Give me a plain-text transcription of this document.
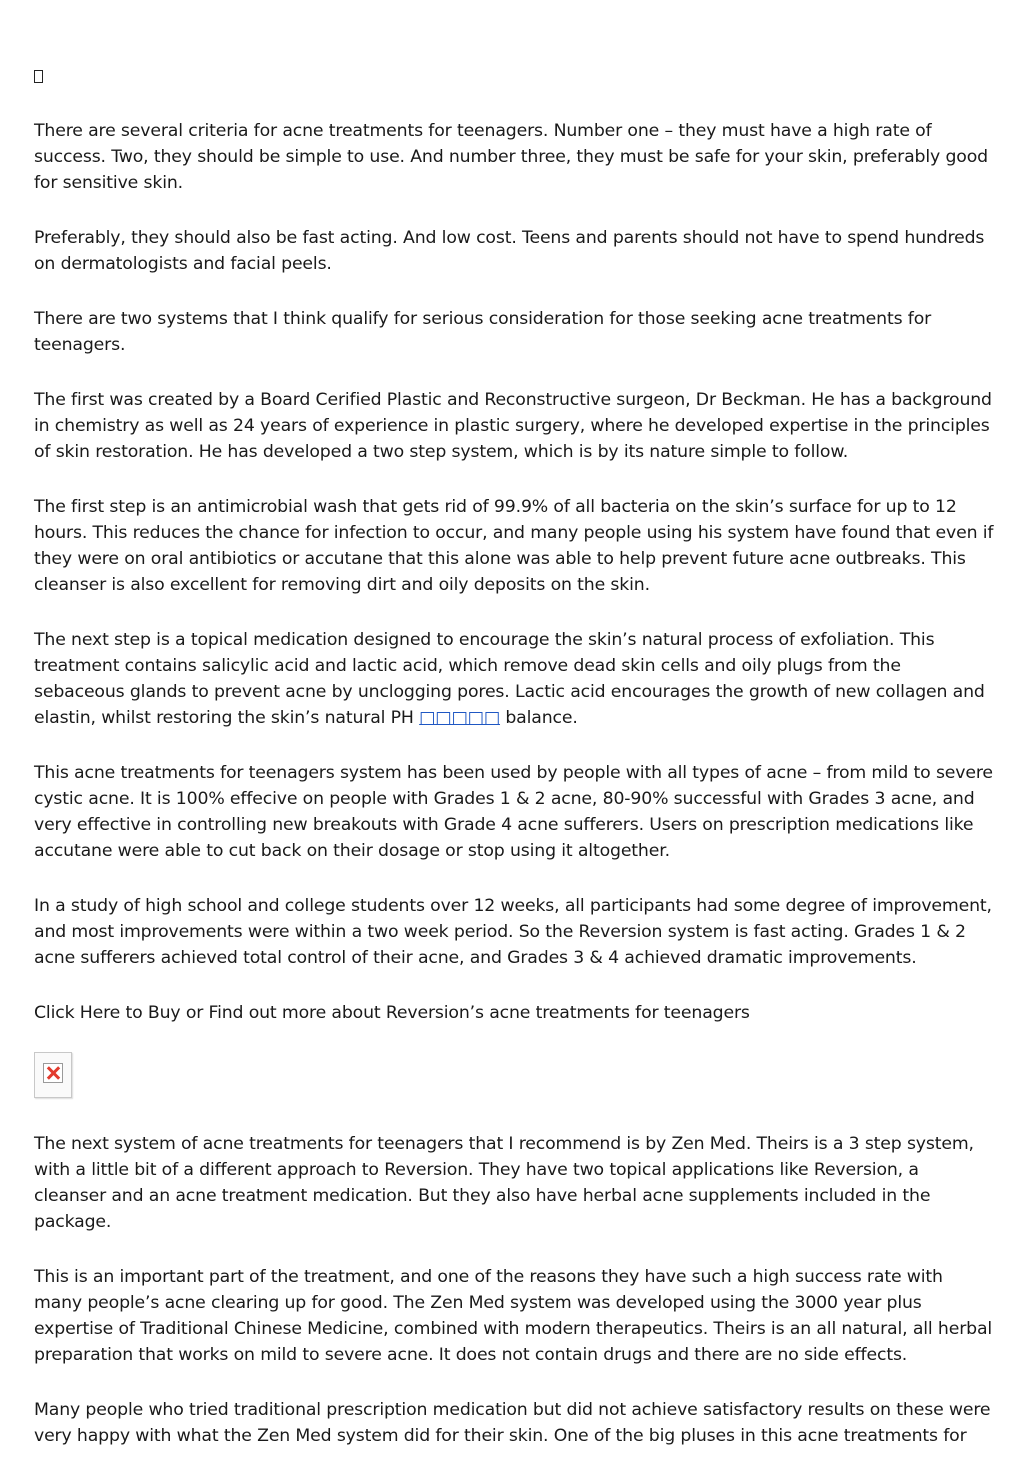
There are several criteria for acne treatments for teenagers. Number one – they must have a high rate of success. Two, they should be simple to use. And number three, they must be safe for your skin, preferably good for sensitive skin.

Preferably, they should also be fast acting. And low cost. Teens and parents should not have to spend hundreds on dermatologists and facial peels.

There are two systems that I think qualify for serious consideration for those seeking acne treatments for teenagers.

The first was created by a Board Cerified Plastic and Reconstructive surgeon, Dr Beckman. He has a background in chemistry as well as 24 years of experience in plastic surgery, where he developed expertise in the principles of skin restoration. He has developed a two step system, which is by its nature simple to follow.

The first step is an antimicrobial wash that gets rid of 99.9% of all bacteria on the skin’s surface for up to 12 hours. This reduces the chance for infection to occur, and many people using his system have found that even if they were on oral antibiotics or accutane that this alone was able to help prevent future acne outbreaks. This cleanser is also excellent for removing dirt and oily deposits on the skin.

The next step is a topical medication designed to encourage the skin’s natural process of exfoliation. This treatment contains salicylic acid and lactic acid, which remove dead skin cells and oily plugs from the sebaceous glands to prevent acne by unclogging pores. Lactic acid encourages the growth of new collagen and elastin, whilst restoring the skin’s natural PH □□□□□ balance.

This acne treatments for teenagers system has been used by people with all types of acne – from mild to severe cystic acne. It is 100% effecive on people with Grades 1 & 2 acne, 80-90% successful with Grades 3 acne, and very effective in controlling new breakouts with Grade 4 acne sufferers. Users on prescription medications like accutane were able to cut back on their dosage or stop using it altogether.

In a study of high school and college students over 12 weeks, all participants had some degree of improvement, and most improvements were within a two week period. So the Reversion system is fast acting. Grades 1 & 2 acne sufferers achieved total control of their acne, and Grades 3 & 4 achieved dramatic improvements.

Click Here to Buy or Find out more about Reversion’s acne treatments for teenagers

The next system of acne treatments for teenagers that I recommend is by Zen Med. Theirs is a 3 step system, with a little bit of a different approach to Reversion. They have two topical applications like Reversion, a cleanser and an acne treatment medication. But they also have herbal acne supplements included in the package.

This is an important part of the treatment, and one of the reasons they have such a high success rate with many people’s acne clearing up for good. The Zen Med system was developed using the 3000 year plus expertise of Traditional Chinese Medicine, combined with modern therapeutics. Theirs is an all natural, all herbal preparation that works on mild to severe acne. It does not contain drugs and there are no side effects.

Many people who tried traditional prescription medication but did not achieve satisfactory results on these were very happy with what the Zen Med system did for their skin. One of the big pluses in this acne treatments for
